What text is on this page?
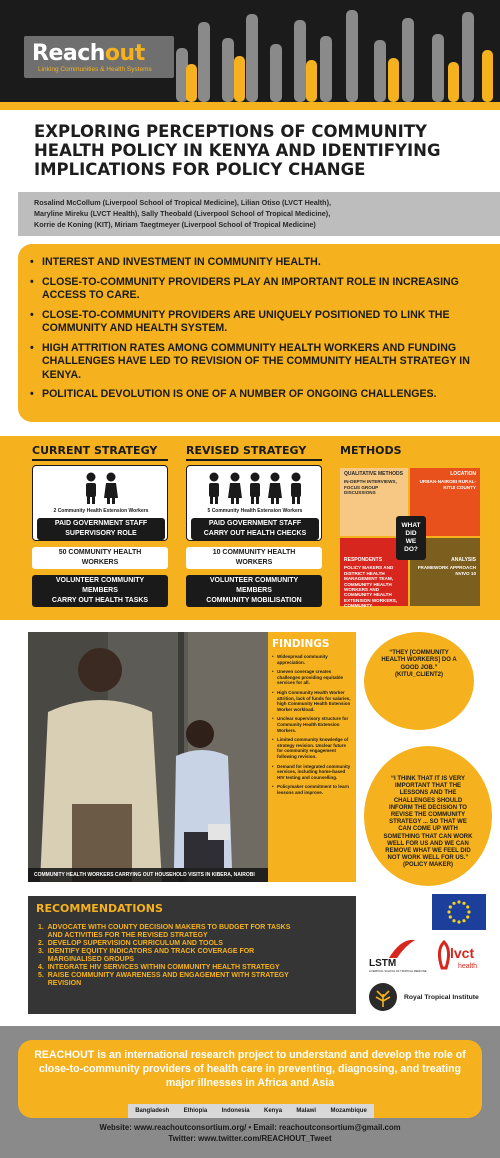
Reachout
Linking Communities & Health Systems
EXPLORING PERCEPTIONS OF COMMUNITY HEALTH POLICY IN KENYA AND IDENTIFYING IMPLICATIONS FOR POLICY CHANGE
Rosalind McCollum (Liverpool School of Tropical Medicine), Lilian Otiso (LVCT Health),
Maryline Mireku (LVCT Health), Sally Theobald (Liverpool School of Tropical Medicine),
Korrie de Koning (KIT), Miriam Taegtmeyer (Liverpool School of Tropical Medicine)
• INTEREST AND INVESTMENT IN COMMUNITY HEALTH.
• CLOSE-TO-COMMUNITY PROVIDERS PLAY AN IMPORTANT ROLE IN INCREASING ACCESS TO CARE.
• CLOSE-TO-COMMUNITY PROVIDERS ARE UNIQUELY POSITIONED TO LINK THE COMMUNITY AND HEALTH SYSTEM.
• HIGH ATTRITION RATES AMONG COMMUNITY HEALTH WORKERS AND FUNDING CHALLENGES HAVE LED TO REVISION OF THE COMMUNITY HEALTH STRATEGY IN KENYA.
• POLITICAL DEVOLUTION IS ONE OF A NUMBER OF ONGOING CHALLENGES.
CURRENT STRATEGY

2 Community Health Extension Workers
PAID GOVERNMENT STAFF
SUPERVISORY ROLE
50 COMMUNITY HEALTH
WORKERS
VOLUNTEER COMMUNITY
MEMBERS
CARRY OUT HEALTH TASKS
REVISED STRATEGY

5 Community Health Extension Workers
PAID GOVERNMENT STAFF
CARRY OUT HEALTH CHECKS
10 COMMUNITY HEALTH
WORKERS
VOLUNTEER COMMUNITY
MEMBERS
COMMUNITY MOBILISATION
METHODS
QUALITATIVE METHODS
IN-DEPTH INTERVIEWS, FOCUS GROUP DISCUSSIONS
LOCATION
URBAN-NAIROBI RURAL-KITUI COUNTY
RESPONDENTS
POLICY MAKERS AND DISTRICT HEALTH MANAGEMENT TEAM, COMMUNITY HEALTH WORKERS AND COMMUNITY HEALTH EXTENSION WORKERS, COMMUNITY
ANALYSIS
FRAMEWORK APPROACH NVIVO 10
WHAT
DID
WE
DO?
COMMUNITY HEALTH WORKERS CARRYING OUT HOUSEHOLD VISITS IN KIBERA, NAIROBI
FINDINGS
• Widespread community appreciation.
• Uneven coverage creates challenges providing equitable services for all.
• High Community Health Worker attrition, lack of funds for salaries, high Community Health Extension Worker workload.
• Unclear supervisory structure for Community Health Extension Workers.
• Limited community knowledge of strategy revision. Unclear future for community engagement following revision.
• Demand for integrated community services, including home-based HIV testing and counselling.
• Policymaker commitment to learn lessons and improve.
“THEY [COMMUNITY HEALTH WORKERS] DO A GOOD JOB.” (KITUI_CLIENT2)
“I THINK THAT IT IS VERY IMPORTANT THAT THE LESSONS AND THE CHALLENGES SHOULD INFORM THE DECISION TO REVISE THE COMMUNITY STRATEGY ... SO THAT WE CAN COME UP WITH SOMETHING THAT CAN WORK WELL FOR US AND WE CAN REMOVE WHAT WE FEEL DID NOT WORK WELL FOR US.” (POLICY MAKER)
RECOMMENDATIONS
1.  ADVOCATE WITH COUNTY DECISION MAKERS TO BUDGET FOR TASKS
AND ACTIVITIES FOR THE REVISED STRATEGY
2.  DEVELOP SUPERVISION CURRICULUM AND TOOLS
3.  IDENTIFY EQUITY INDICATORS AND TRACK COVERAGE FOR
MARGINALISED GROUPS
4.  INTEGRATE HIV SERVICES WITHIN COMMUNITY HEALTH STRATEGY
5.  RAISE COMMUNITY AWARENESS AND ENGAGEMENT WITH STRATEGY
REVISION
LSTM
LIVERPOOL SCHOOL OF TROPICAL MEDICINE
lvct
health
Royal Tropical Institute
REACHOUT is an international research project to understand and develop the role of close-to-community providers of health care in preventing, diagnosing, and treating major illnesses in Africa and Asia
Bangladesh Ethiopia Indonesia Kenya Malawi Mozambique
Website: www.reachoutconsortium.org/ • Email: reachoutconsortium@gmail.com
Twitter: www.twitter.com/REACHOUT_Tweet
